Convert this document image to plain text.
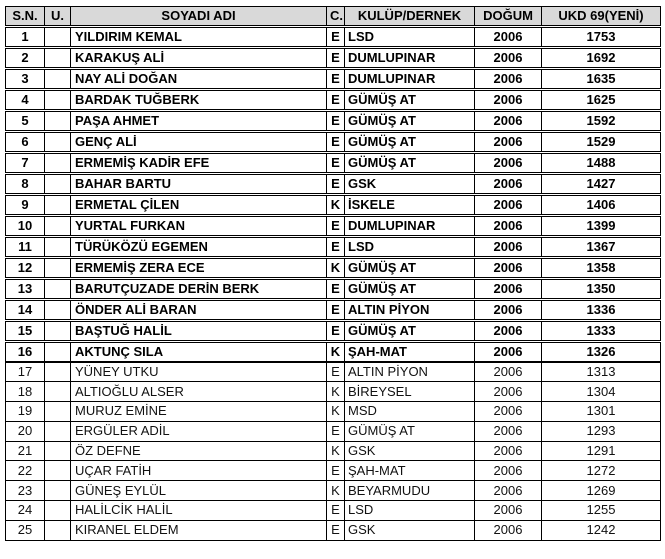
S.N.	U.	SOYADI ADI	C.	KULÜP/DERNEK	DOĞUM	UKD 69(YENİ)
1		YILDIRIM KEMAL	E	LSD	2006	1753
2		KARAKUŞ ALİ	E	DUMLUPINAR	2006	1692
3		NAY ALİ DOĞAN	E	DUMLUPINAR	2006	1635
4		BARDAK TUĞBERK	E	GÜMÜŞ AT	2006	1625
5		PAŞA AHMET	E	GÜMÜŞ AT	2006	1592
6		GENÇ ALİ	E	GÜMÜŞ AT	2006	1529
7		ERMEMİŞ KADİR EFE	E	GÜMÜŞ AT	2006	1488
8		BAHAR BARTU	E	GSK	2006	1427
9		ERMETAL ÇİLEN	K	İSKELE	2006	1406
10		YURTAL FURKAN	E	DUMLUPINAR	2006	1399
11		TÜRÜKÖZÜ EGEMEN	E	LSD	2006	1367
12		ERMEMİŞ ZERA ECE	K	GÜMÜŞ AT	2006	1358
13		BARUTÇUZADE DERİN BERK	E	GÜMÜŞ AT	2006	1350
14		ÖNDER ALİ BARAN	E	ALTIN PİYON	2006	1336
15		BAŞTUĞ HALİL	E	GÜMÜŞ AT	2006	1333
16		AKTUNÇ SILA	K	ŞAH-MAT	2006	1326
17		YÜNEY UTKU	E	ALTIN PİYON	2006	1313
18		ALTIOĞLU ALSER	K	BİREYSEL	2006	1304
19		MURUZ EMİNE	K	MSD	2006	1301
20		ERGÜLER ADİL	E	GÜMÜŞ AT	2006	1293
21		ÖZ DEFNE	K	GSK	2006	1291
22		UÇAR FATİH	E	ŞAH-MAT	2006	1272
23		GÜNEŞ EYLÜL	K	BEYARMUDU	2006	1269
24		HALİLCİK HALİL	E	LSD	2006	1255
25		KIRANEL ELDEM	E	GSK	2006	1242
